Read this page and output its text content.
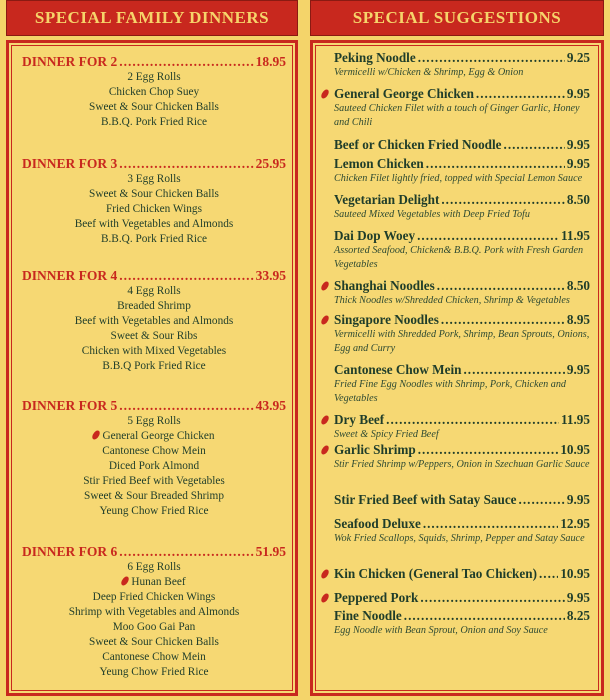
SPECIAL FAMILY DINNERS
DINNER FOR 2 .....	18.95
2 Egg Rolls
Chicken Chop Suey
Sweet & Sour Chicken Balls
B.B.Q. Pork Fried Rice
DINNER FOR 3 .....	25.95
3 Egg Rolls
Sweet & Sour Chicken Balls
Fried Chicken Wings
Beef with Vegetables and Almonds
B.B.Q. Pork Fried Rice
DINNER FOR 4 .....	33.95
4 Egg Rolls
Breaded Shrimp
Beef with Vegetables and Almonds
Sweet & Sour Ribs
Chicken with Mixed Vegetables
B.B.Q Pork Fried Rice
DINNER FOR 5 .....	43.95
5 Egg Rolls
General George Chicken
Cantonese Chow Mein
Diced Pork Almond
Stir Fried Beef with Vegetables
Sweet & Sour Breaded Shrimp
Yeung Chow Fried Rice
DINNER FOR 6 .....	51.95
6 Egg Rolls
Hunan Beef
Deep Fried Chicken Wings
Shrimp with Vegetables and Almonds
Moo Goo Gai Pan
Sweet & Sour Chicken Balls
Cantonese Chow Mein
Yeung Chow Fried Rice
SPECIAL SUGGESTIONS
Peking Noodle .....	9.25
Vermicelli w/Chicken & Shrimp, Egg & Onion
General George Chicken .....	9.95
Sauteed Chicken Filet with a touch of Ginger Garlic, Honey and Chili
Beef or Chicken Fried Noodle .....	9.95
Lemon Chicken .....	9.95
Chicken Filet lightly fried, topped with Special Lemon Sauce
Vegetarian Delight .....	8.50
Sauteed Mixed Vegetables with Deep Fried Tofu
Dai Dop Woey .....	11.95
Assorted Seafood, Chicken& B.B.Q. Pork with Fresh Garden Vegetables
Shanghai Noodles .....	8.50
Thick Noodles w/Shredded Chicken, Shrimp & Vegetables
Singapore Noodles .....	8.95
Vermicelli with Shredded Pork, Shrimp, Bean Sprouts, Onions, Egg and Curry
Cantonese Chow Mein .....	9.95
Fried Fine Egg Noodles with Shrimp, Pork, Chicken and Vegetables
Dry Beef .....	11.95
Sweet & Spicy Fried Beef
Garlic Shrimp .....	10.95
Stir Fried Shrimp w/Peppers, Onion in Szechuan Garlic Sauce
Stir Fried Beef with Satay Sauce .....	9.95
Seafood Deluxe .....	12.95
Wok Fried Scallops, Squids, Shrimp, Pepper and Satay Sauce
Kin Chicken (General Tao Chicken) ..... 10.95
Peppered Pork .....	9.95
Fine Noodle .....	8.25
Egg Noodle with Bean Sprout, Onion and Soy Sauce
